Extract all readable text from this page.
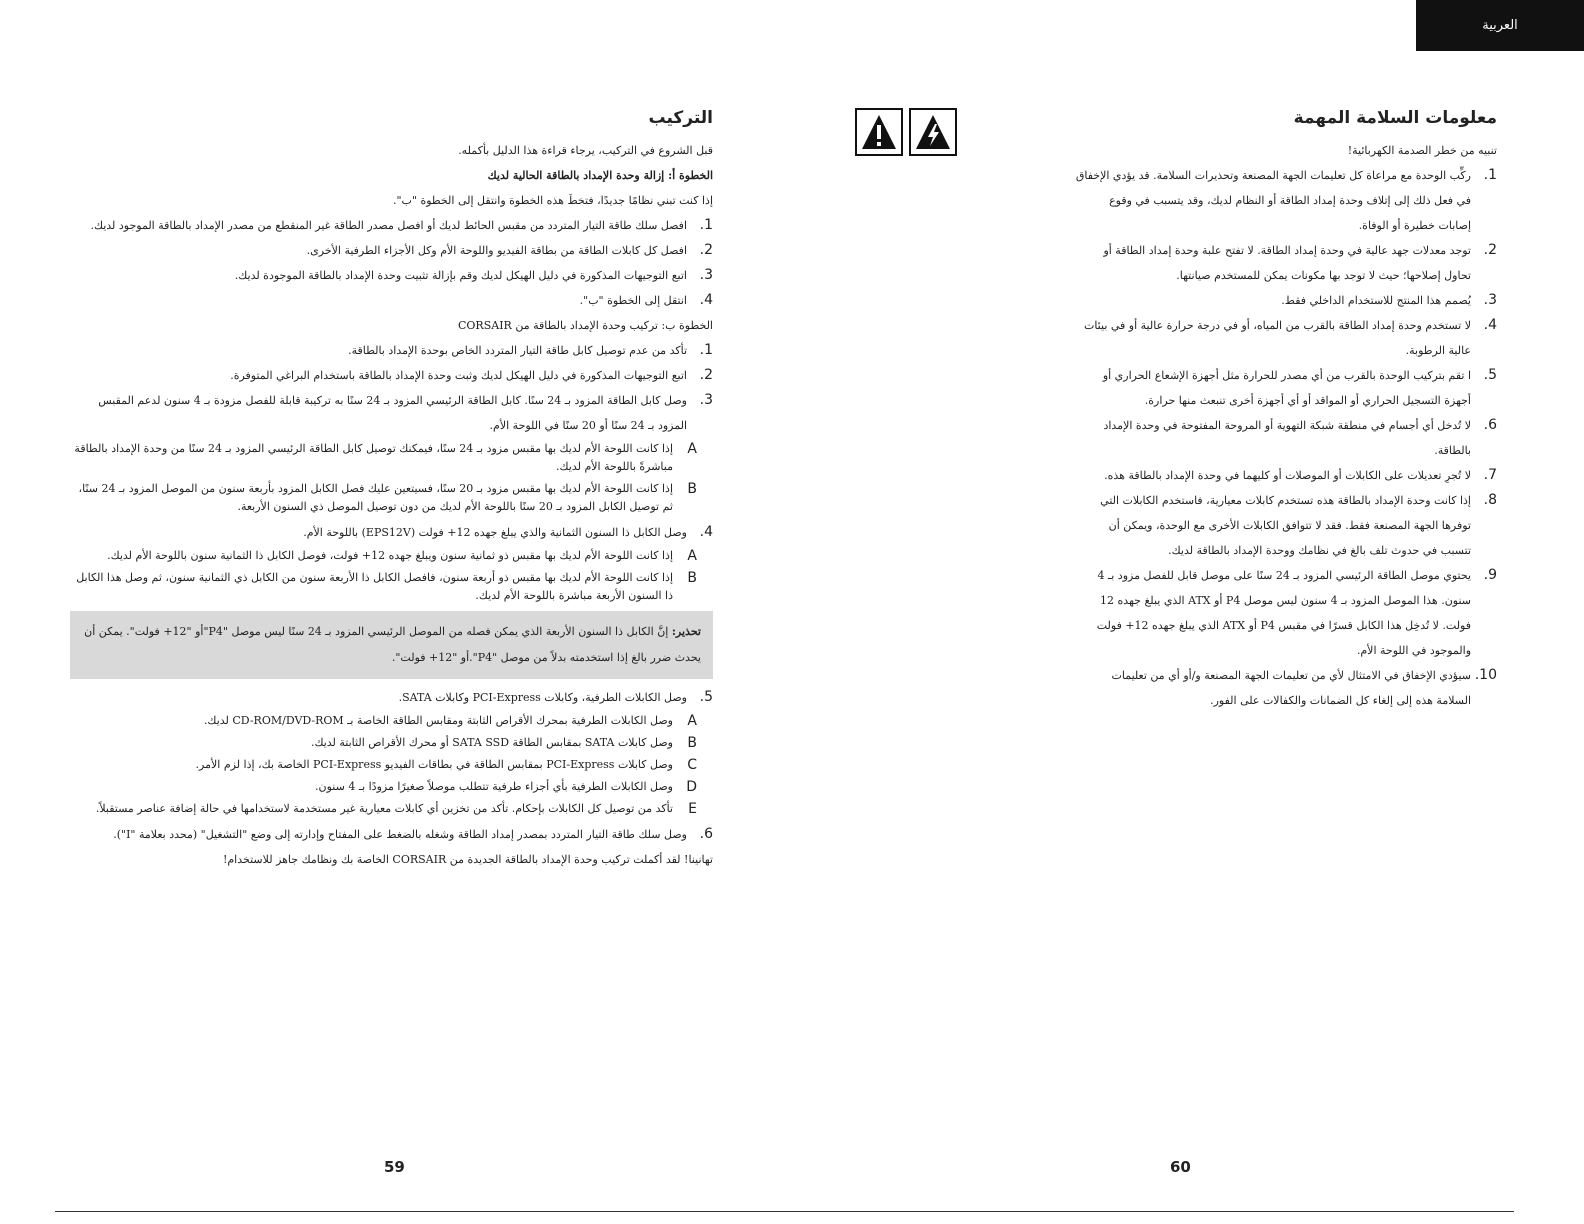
العربية
التركيب

قبل الشروع في التركيب، يرجاء قراءة هذا الدليل بأكمله.

الخطوة أ: إزالة وحدة الإمداد بالطاقة الحالية لديك

إذا كنت تبني نظامًا جديدًا، فتخطَ هذه الخطوة وانتقل إلى الخطوة "ب".

1.
افصل سلك طاقة التيار المتردد من مقبس الحائط لديك أو افصل مصدر الطاقة غير المنقطع من مصدر الإمداد بالطاقة الموجود لديك.
2.
افصل كل كابلات الطاقة من بطاقة الفيديو واللوحة الأم وكل الأجزاء الطرفية الأخرى.
3.
اتبع التوجيهات المذكورة في دليل الهيكل لديك وقم بإزالة تثبيت وحدة الإمداد بالطاقة الموجودة لديك.
4.
انتقل إلى الخطوة "ب".

الخطوة ب: تركيب وحدة الإمداد بالطاقة من CORSAIR

1.
تأكد من عدم توصيل كابل طاقة التيار المتردد الخاص بوحدة الإمداد بالطاقة.
2.
اتبع التوجيهات المذكورة في دليل الهيكل لديك وثبت وحدة الإمداد بالطاقة باستخدام البراغي المتوفرة.
3.
وصل كابل الطاقة المزود بـ 24 سنًا. كابل الطاقة الرئيسي المزود بـ 24 سنًا به تركيبة قابلة للفصل مزودة بـ 4 سنون لدعم المقبس المزود بـ 24 سنًا أو 20 سنًا في اللوحة الأم.
A
إذا كانت اللوحة الأم لديك بها مقبس مزود بـ 24 سنًا، فيمكنك توصيل كابل الطاقة الرئيسي المزود بـ 24 سنًا من وحدة الإمداد بالطاقة مباشرةً باللوحة الأم لديك.
B
إذا كانت اللوحة الأم لديك بها مقبس مزود بـ 20 سنًا، فسيتعين عليك فصل الكابل المزود بأربعة سنون من الموصل المزود بـ 24 سنًا، ثم توصيل الكابل المزود بـ 20 سنًا باللوحة الأم لديك من دون توصيل الموصل ذي السنون الأربعة.
4.
وصل الكابل ذا السنون الثمانية والذي يبلغ جهده 12+ فولت (EPS12V) باللوحة الأم.
A
إذا كانت اللوحة الأم لديك بها مقبس ذو ثمانية سنون ويبلغ جهده 12+ فولت، فوصل الكابل ذا الثمانية سنون باللوحة الأم لديك.
B
إذا كانت اللوحة الأم لديك بها مقبس ذو أربعة سنون، فافصل الكابل ذا الأربعة سنون من الكابل ذي الثمانية سنون، ثم وصل هذا الكابل ذا السنون الأربعة مباشرة باللوحة الأم لديك.
تحذير: إنَّ الكابل ذا السنون الأربعة الذي يمكن فصله من الموصل الرئيسي المزود بـ 24 سنًا ليس موصل "P4"أو "12+ فولت". يمكن أن يحدث ضرر بالغ إذا استخدمته بدلاً من موصل "P4".أو "12+ فولت".
5.
وصل الكابلات الطرفية، وكابلات PCI-Express وكابلات SATA.
A
وصل الكابلات الطرفية بمحرك الأقراص الثابتة ومقابس الطاقة الخاصة بـ CD-ROM/DVD-ROM لديك.
B
وصل كابلات SATA بمقابس الطاقة SATA SSD أو محرك الأقراص الثابتة لديك.
C
وصل كابلات PCI-Express بمقابس الطاقة في بطاقات الفيديو PCI-Express الخاصة بك، إذا لزم الأمر.
D
وصل الكابلات الطرفية بأي أجزاء طرفية تتطلب موصلاً صغيرًا مزودًا بـ 4 سنون.
E
تأكد من توصيل كل الكابلات بإحكام. تأكد من تخزين أي كابلات معيارية غير مستخدمة لاستخدامها في حالة إضافة عناصر مستقبلاً.
6.
وصل سلك طاقة التيار المتردد بمصدر إمداد الطاقة وشغله بالضغط على المفتاح وإدارته إلى وضع "التشغيل" (محدد بعلامة "I").

تهانينا! لقد أكملت تركيب وحدة الإمداد بالطاقة الجديدة من CORSAIR الخاصة بك ونظامك جاهز للاستخدام!

معلومات السلامة المهمة

تنبيه من خطر الصدمة الكهربائية!

1.
ركِّب الوحدة مع مراعاة كل تعليمات الجهة المصنعة وتحذيرات السلامة. قد يؤدي الإخفاق في فعل ذلك إلى إتلاف وحدة إمداد الطاقة أو النظام لديك، وقد يتسبب في وقوع إصابات خطيرة أو الوفاة.
2.
توجد معدلات جهد عالية في وحدة إمداد الطاقة. لا تفتح علبة وحدة إمداد الطاقة أو تحاول إصلاحها؛ حيث لا توجد بها مكونات يمكن للمستخدم صيانتها.
3.
يُصمم هذا المنتج للاستخدام الداخلي فقط.
4.
لا تستخدم وحدة إمداد الطاقة بالقرب من المياه، أو في درجة حرارة عالية أو في بيئات عالية الرطوبة.
5.
ا تقم بتركيب الوحدة بالقرب من أي مصدر للحرارة مثل أجهزة الإشعاع الحراري أو أجهزة التسجيل الحراري أو المواقد أو أي أجهزة أخرى تنبعث منها حرارة.
6.
لا تُدخل أي أجسام في منطقة شبكة التهوية أو المروحة المفتوحة في وحدة الإمداد بالطاقة.
7.
لا تُجرِ تعديلات على الكابلات أو الموصلات أو كليهما في وحدة الإمداد بالطاقة هذه.
8.
إذا كانت وحدة الإمداد بالطاقة هذه تستخدم كابلات معيارية، فاستخدم الكابلات التي توفرها الجهة المصنعة فقط. فقد لا تتوافق الكابلات الأخرى مع الوحدة، ويمكن أن تتسبب في حدوث تلف بالغ في نظامك ووحدة الإمداد بالطاقة لديك.
9.
يحتوي موصل الطاقة الرئيسي المزود بـ 24 سنًا على موصل قابل للفصل مزود بـ 4 سنون. هذا الموصل المزود بـ 4 سنون ليس موصل P4 أو ATX الذي يبلغ جهده 12 فولت. لا تُدخِل هذا الكابل قسرًا في مقبس P4 أو ATX الذي يبلغ جهده 12+ فولت والموجود في اللوحة الأم.
10.
سيؤدي الإخفاق في الامتثال لأي من تعليمات الجهة المصنعة و/أو أي من تعليمات السلامة هذه إلى إلغاء كل الضمانات والكفالات على الفور.
59	60
